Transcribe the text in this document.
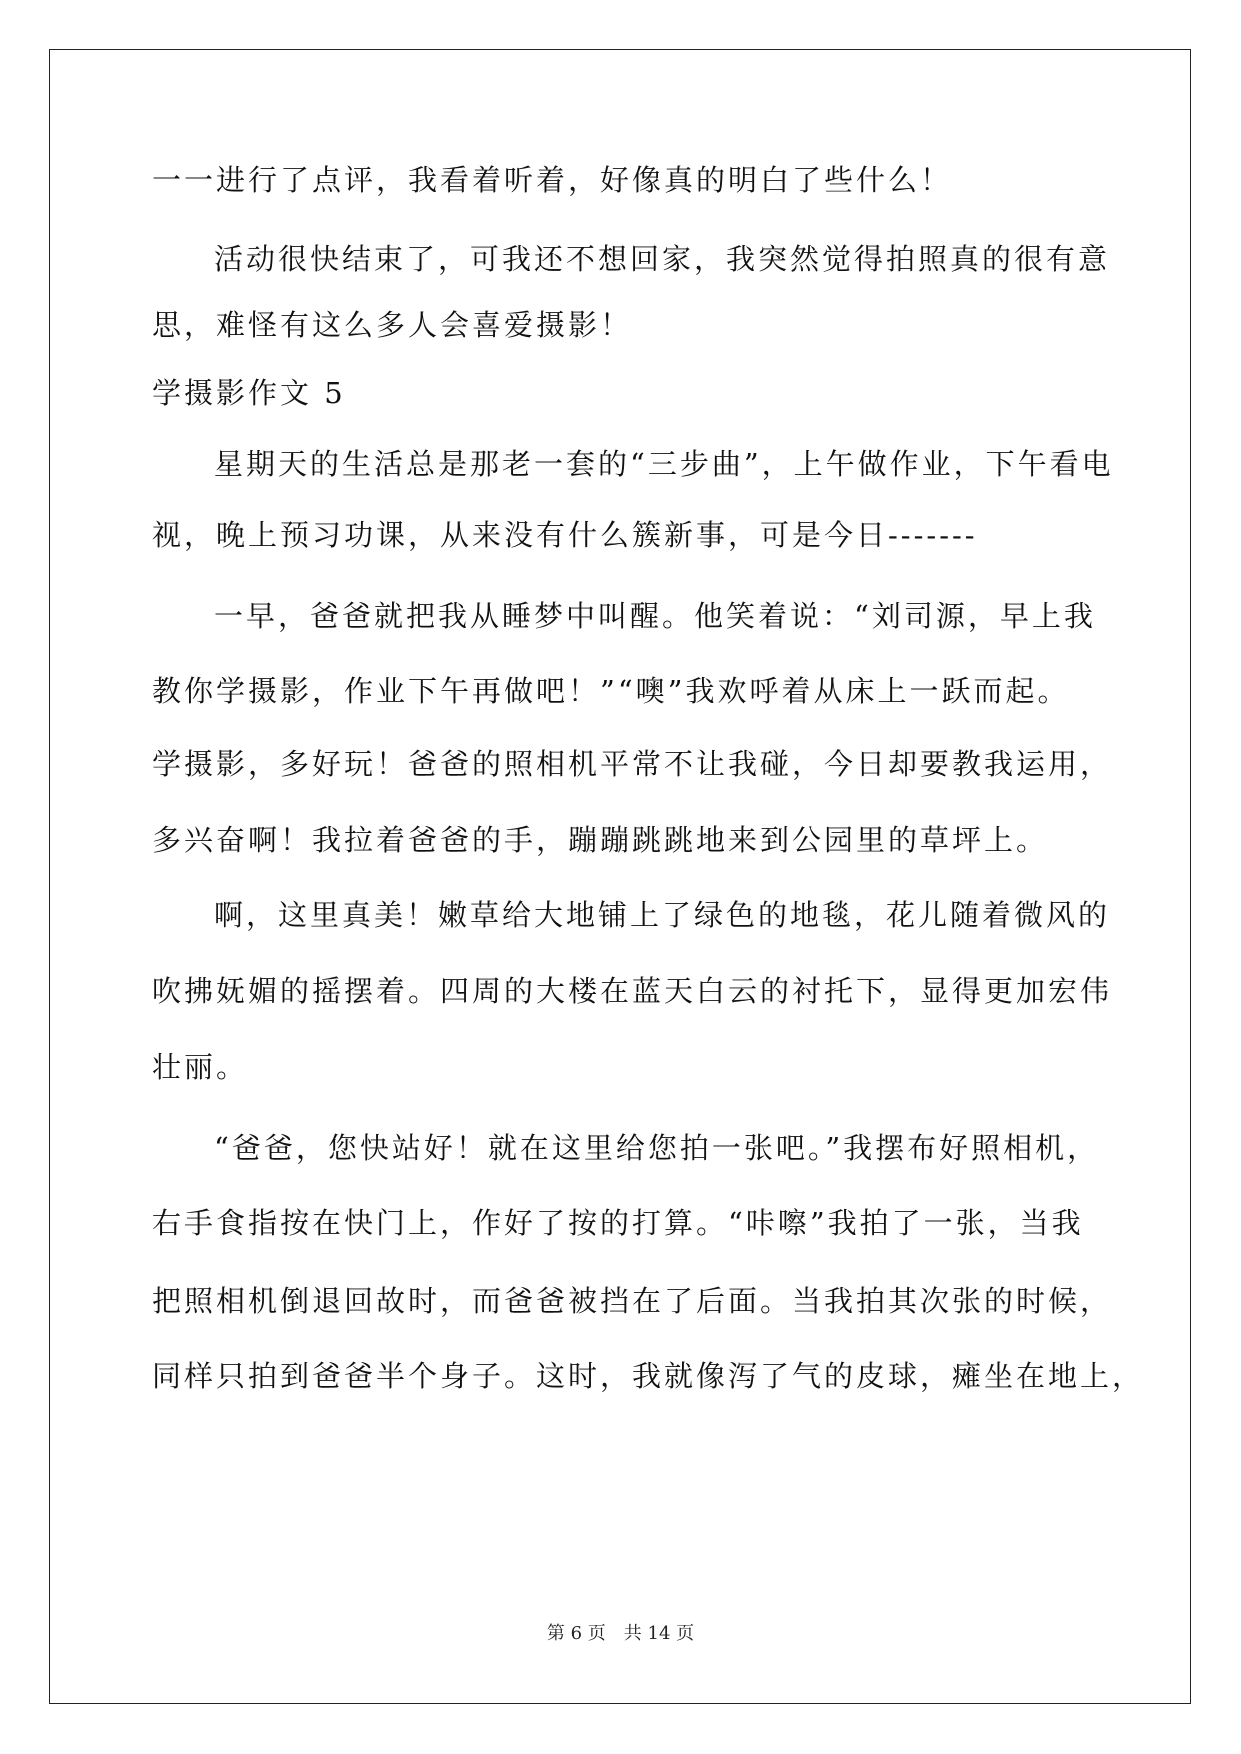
一一进行了点评，我看着听着，好像真的明白了些什么！
活动很快结束了，可我还不想回家，我突然觉得拍照真的很有意
思，难怪有这么多人会喜爱摄影！
学摄影作文 5
星期天的生活总是那老一套的“三步曲”，上午做作业，下午看电
视，晚上预习功课，从来没有什么簇新事，可是今日-------
一早，爸爸就把我从睡梦中叫醒。他笑着说：“刘司源，早上我
教你学摄影，作业下午再做吧！”“噢”我欢呼着从床上一跃而起。
学摄影，多好玩！爸爸的照相机平常不让我碰，今日却要教我运用，
多兴奋啊！我拉着爸爸的手，蹦蹦跳跳地来到公园里的草坪上。
啊，这里真美！嫩草给大地铺上了绿色的地毯，花儿随着微风的
吹拂妩媚的摇摆着。四周的大楼在蓝天白云的衬托下，显得更加宏伟
壮丽。
“爸爸，您快站好！就在这里给您拍一张吧。”我摆布好照相机，
右手食指按在快门上，作好了按的打算。“咔嚓”我拍了一张，当我
把照相机倒退回故时，而爸爸被挡在了后面。当我拍其次张的时候，
同样只拍到爸爸半个身子。这时，我就像泻了气的皮球，瘫坐在地上，
第 6 页 共 14 页
